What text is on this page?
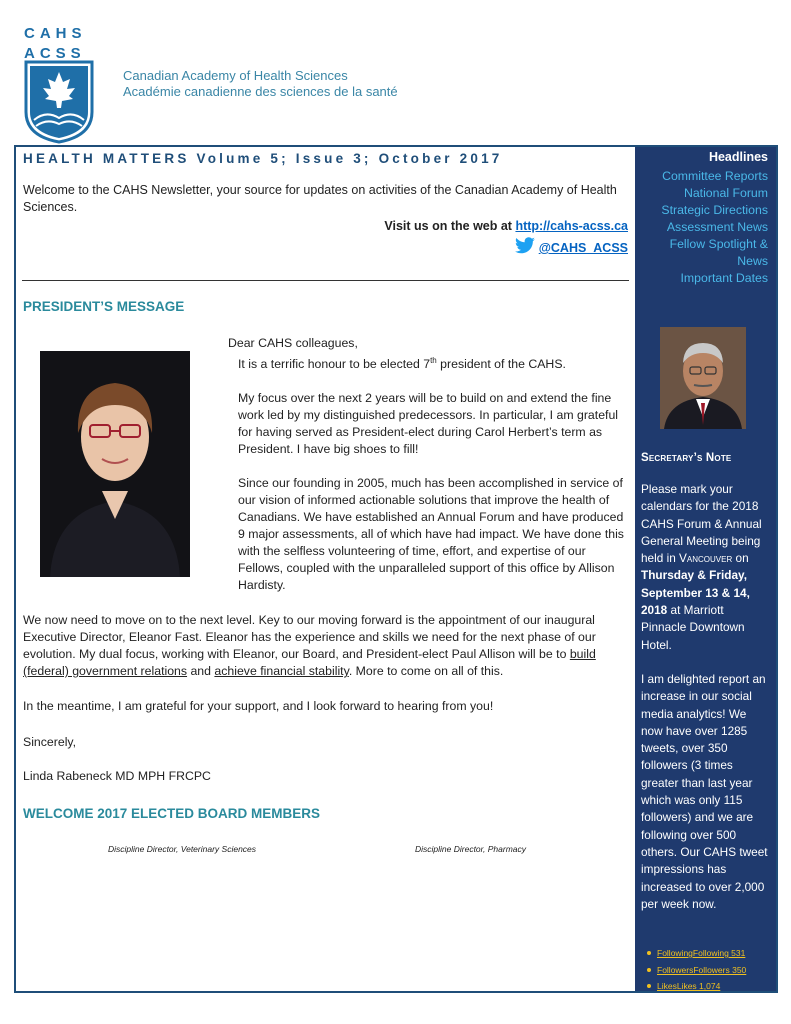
CAHS
ACSS
Canadian Academy of Health Sciences
Académie canadienne des sciences de la santé
HEALTH MATTERS Volume 5; Issue 3; October 2017
Welcome to the CAHS Newsletter, your source for updates on activities of the Canadian Academy of Health Sciences.
Visit us on the web at http://cahs-acss.ca
@CAHS_ACSS
PRESIDENT’S MESSAGE

Dear CAHS colleagues,

It is a terrific honour to be elected 7th president of the CAHS.

My focus over the next 2 years will be to build on and extend the fine work led by my distinguished predecessors. In particular, I am grateful for having served as President-elect during Carol Herbert’s term as President. I have big shoes to fill!

Since our founding in 2005, much has been accomplished in service of our vision of informed actionable solutions that improve the health of Canadians. We have established an Annual Forum and have produced 9 major assessments, all of which have had impact. We have done this with the selfless volunteering of time, effort, and expertise of our Fellows, coupled with the unparalleled support of this office by Allison Hardisty.

We now need to move on to the next level. Key to our moving forward is the appointment of our inaugural Executive Director, Eleanor Fast. Eleanor has the experience and skills we need for the next phase of our evolution. My dual focus, working with Eleanor, our Board, and President-elect Paul Allison will be to build (federal) government relations and achieve financial stability. More to come on all of this.
In the meantime, I am grateful for your support, and I look forward to hearing from you!
Sincerely,
Linda Rabeneck MD MPH FRCPC
WELCOME 2017 ELECTED BOARD MEMBERS
Discipline Director, Veterinary Sciences	Discipline Director, Pharmacy
Headlines
Committee Reports
National Forum
Strategic Directions
Assessment News
Fellow Spotlight &
News
Important Dates
Secretary’s Note

Please mark your calendars for the 2018 CAHS Forum & Annual General Meeting being held in Vancouver on Thursday & Friday, September 13 & 14, 2018 at Marriott Pinnacle Downtown Hotel.

I am delighted report an increase in our social media analytics! We now have over 1285 tweets, over 350 followers (3 times greater than last year which was only 115 followers) and we are following over 500 others. Our CAHS tweet impressions has increased to over 2,000 per week now.

FollowingFollowing 531
FollowersFollowers 350
LikesLikes 1,074
